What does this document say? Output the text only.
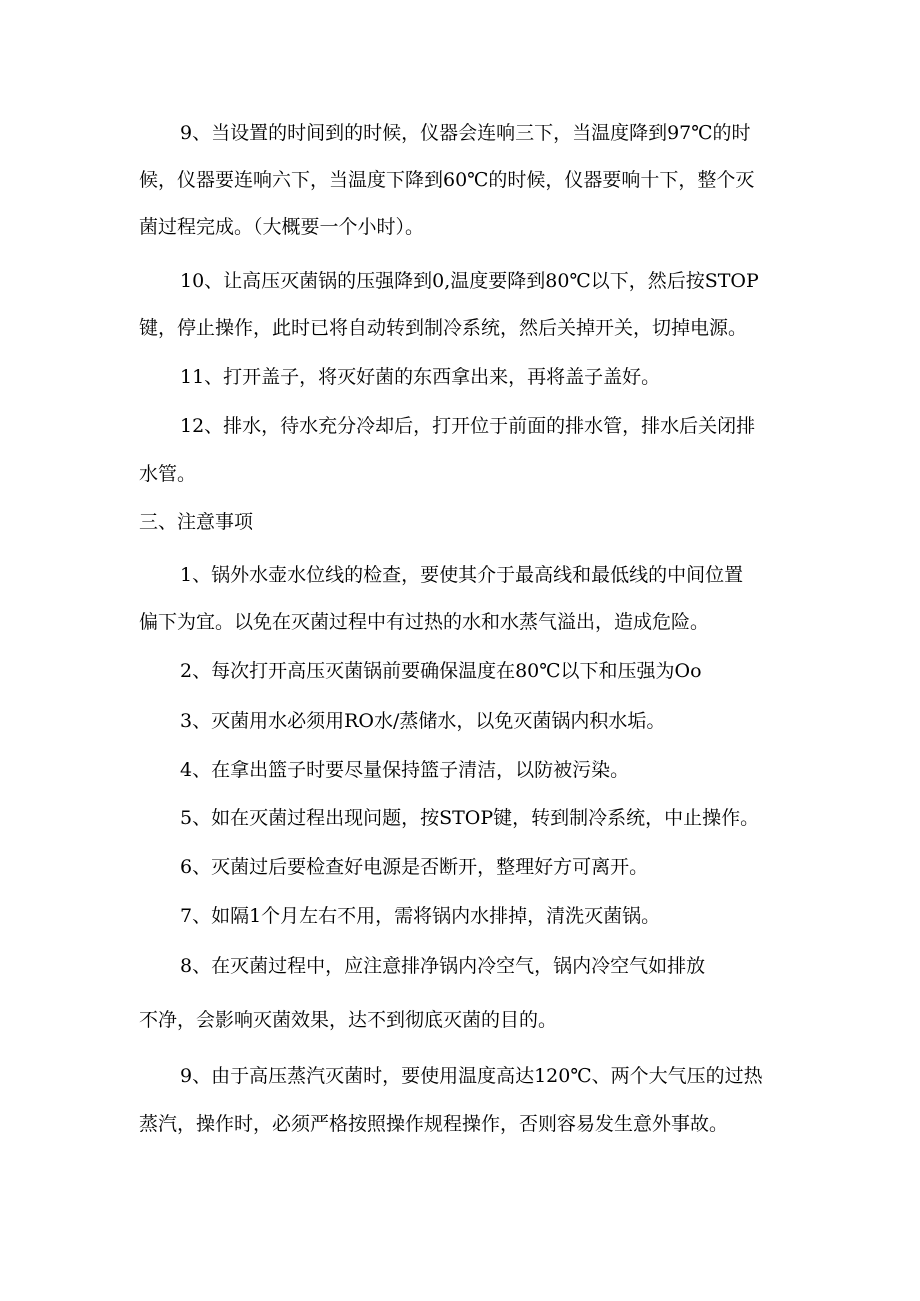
9、当设置的时间到的时候，仪器会连响三下，当温度降到97℃的时

候，仪器要连响六下，当温度下降到60℃的时候，仪器要响十下，整个灭

菌过程完成。（大概要一个小时）。

10、让高压灭菌锅的压强降到0,温度要降到80℃以下，然后按STOP

键，停止操作，此时已将自动转到制冷系统，然后关掉开关，切掉电源。

11、打开盖子，将灭好菌的东西拿出来，再将盖子盖好。

12、排水，待水充分冷却后，打开位于前面的排水管，排水后关闭排

水管。

三、注意事项

1、锅外水壶水位线的检查，要使其介于最高线和最低线的中间位置

偏下为宜。以免在灭菌过程中有过热的水和水蒸气溢出，造成危险。

2、每次打开高压灭菌锅前要确保温度在80℃以下和压强为Oo

3、灭菌用水必须用RO水/蒸储水，以免灭菌锅内积水垢。

4、在拿出篮子时要尽量保持篮子清洁，以防被污染。

5、如在灭菌过程出现问题，按STOP键，转到制冷系统，中止操作。

6、灭菌过后要检查好电源是否断开，整理好方可离开。

7、如隔1个月左右不用，需将锅内水排掉，清洗灭菌锅。

8、在灭菌过程中，应注意排净锅内冷空气，锅内冷空气如排放

不净，会影响灭菌效果，达不到彻底灭菌的目的。

9、由于高压蒸汽灭菌时，要使用温度高达120℃、两个大气压的过热

蒸汽，操作时，必须严格按照操作规程操作，否则容易发生意外事故。
